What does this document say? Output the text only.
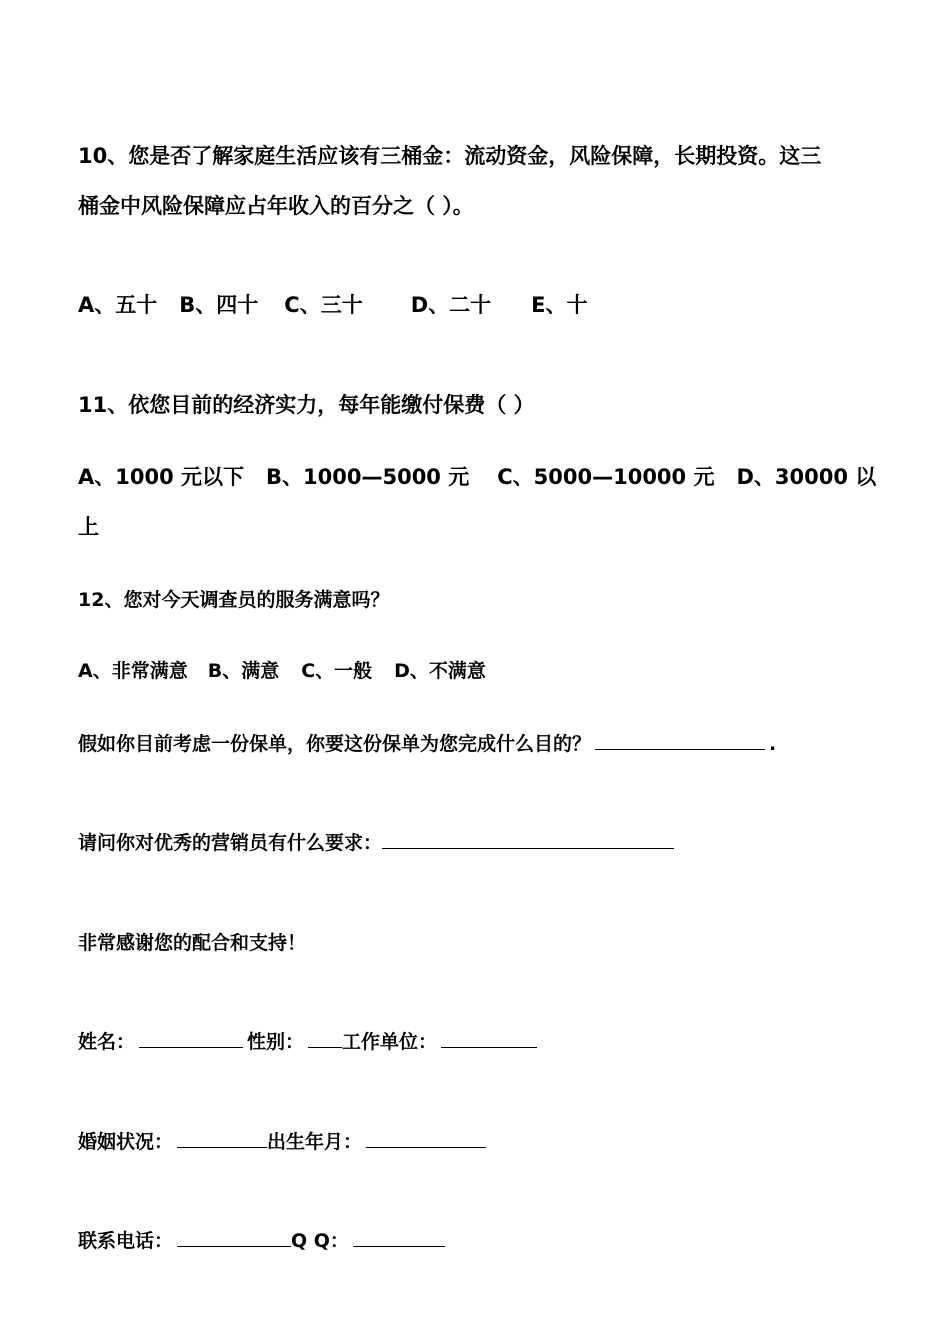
10、您是否了解家庭生活应该有三桶金：流动资金，风险保障，长期投资。这三
桶金中风险保障应占年收入的百分之（ ）。
A、五十 B、四十 C、三十 D、二十 E、十
11、依您目前的经济实力，每年能缴付保费（ ）
A、1000 元以下 B、1000—5000 元 C、5000—10000 元 D、30000 以
上
12、您对今天调查员的服务满意吗？
A、非常满意 B、满意 C、一般 D、不满意
假如你目前考虑一份保单，你要这份保单为您完成什么目的？	.
请问你对优秀的营销员有什么要求：
非常感谢您的配合和支持！
姓名：	性别： 工作单位：
婚姻状况：	出生年月：
联系电话：	Q Q：
